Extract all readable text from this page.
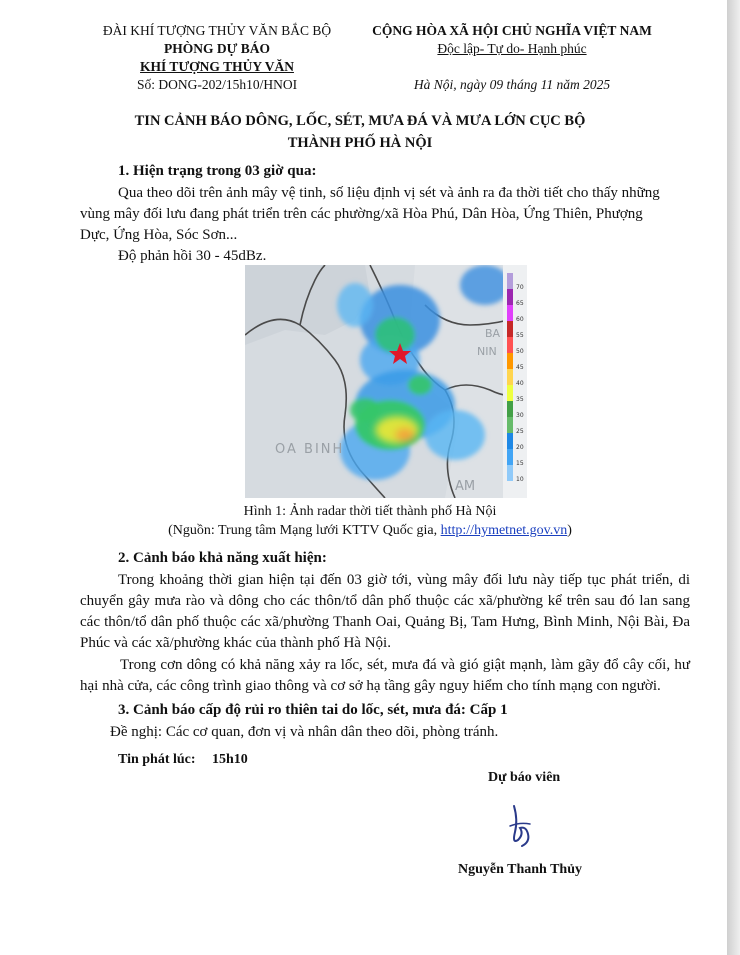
ĐÀI KHÍ TƯỢNG THỦY VĂN BẮC BỘ
PHÒNG DỰ BÁO
KHÍ TƯỢNG THỦY VĂN
Số: DONG-202/15h10/HNOI
CỘNG HÒA XÃ HỘI CHỦ NGHĨA VIỆT NAM
Độc lập- Tự do- Hạnh phúc
Hà Nội, ngày 09 tháng 11 năm 2025
TIN CẢNH BÁO DÔNG, LỐC, SÉT, MƯA ĐÁ VÀ MƯA LỚN CỤC BỘ
THÀNH PHỐ HÀ NỘI
1. Hiện trạng trong 03 giờ qua:
Qua theo dõi trên ảnh mây vệ tinh, số liệu định vị sét và ảnh ra đa thời tiết cho thấy những
vùng mây đối lưu đang phát triển trên các phường/xã Hòa Phú, Dân Hòa, Ứng Thiên, Phượng
Dực, Ứng Hòa, Sóc Sơn...
Độ phản hồi 30 - 45dBz.
OA BINH
AM
BA
NIN
70
65
60
55
50
45
40
35
30
25
20
15
10
Hình 1: Ảnh radar thời tiết thành phố Hà Nội
(Nguồn: Trung tâm Mạng lưới KTTV Quốc gia, http://hymetnet.gov.vn)
2. Cảnh báo khả năng xuất hiện:
Trong khoảng thời gian hiện tại đến 03 giờ tới, vùng mây đối lưu này tiếp tục phát triển, di chuyển gây mưa rào và dông cho các thôn/tổ dân phố thuộc các xã/phường kể trên sau đó lan sang các thôn/tổ dân phố thuộc các xã/phường Thanh Oai, Quảng Bị, Tam Hưng, Bình Minh, Nội Bài, Đa Phúc và các xã/phường khác của thành phố Hà Nội.
Trong cơn dông có khả năng xảy ra lốc, sét, mưa đá và gió giật mạnh, làm gãy đổ cây cối, hư hại nhà cửa, các công trình giao thông và cơ sở hạ tầng gây nguy hiểm cho tính mạng con người.
3. Cảnh báo cấp độ rủi ro thiên tai do lốc, sét, mưa đá: Cấp 1
Đề nghị: Các cơ quan, đơn vị và nhân dân theo dõi, phòng tránh.
Tin phát lúc: 15h10
Dự báo viên
Nguyễn Thanh Thủy
